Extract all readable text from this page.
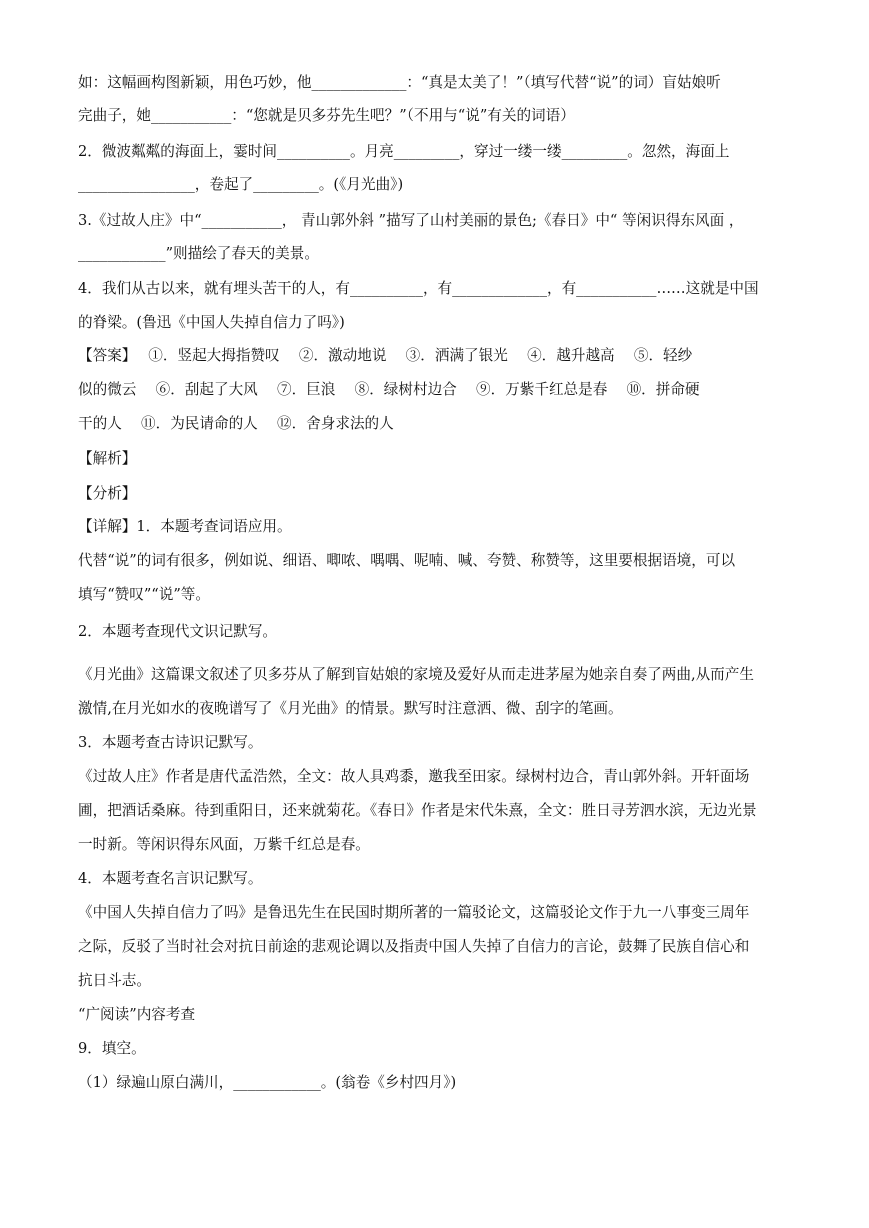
如：这幅画构图新颖，用色巧妙，他_____________：“真是太美了！”（填写代替“说”的词）盲姑娘听
完曲子，她___________：“您就是贝多芬先生吧？”（不用与“说”有关的词语）
2．微波粼粼的海面上，霎时间__________。月亮_________，穿过一缕一缕_________。忽然，海面上
________________，卷起了_________。(《月光曲》)
3.《过故人庄》中“___________， 青山郭外斜 ”描写了山村美丽的景色;《春日》中“ 等闲识得东风面 ，
____________”则描绘了春天的美景。
4．我们从古以来，就有埋头苦干的人，有__________，有_____________，有___________……这就是中国
的脊梁。(鲁迅《中国人失掉自信力了吗》)
【答案】　 ①．竖起大拇指赞叹　 ②．激动地说　 ③．洒满了银光　 ④．越升越高　 ⑤．轻纱
似的微云　 ⑥．刮起了大风　 ⑦．巨浪　 ⑧．绿树村边合　 ⑨．万紫千红总是春　 ⑩．拼命硬
干的人　 ⑪．为民请命的人　 ⑫．舍身求法的人
【解析】
【分析】
【详解】1．本题考查词语应用。
代替“说”的词有很多，例如说、细语、唧哝、喁喁、呢喃、喊、夸赞、称赞等，这里要根据语境，可以
填写“赞叹”“说”等。
2．本题考查现代文识记默写。
《月光曲》这篇课文叙述了贝多芬从了解到盲姑娘的家境及爱好从而走进茅屋为她亲自奏了两曲,从而产生
激情,在月光如水的夜晚谱写了《月光曲》的情景。默写时注意洒、微、刮字的笔画。
3．本题考查古诗识记默写。
《过故人庄》作者是唐代孟浩然，全文：故人具鸡黍，邀我至田家。绿树村边合，青山郭外斜。开轩面场
圃，把酒话桑麻。待到重阳日，还来就菊花。《春日》作者是宋代朱熹，全文：胜日寻芳泗水滨，无边光景
一时新。等闲识得东风面，万紫千红总是春。
4．本题考查名言识记默写。
《中国人失掉自信力了吗》是鲁迅先生在民国时期所著的一篇驳论文，这篇驳论文作于九一八事变三周年
之际，反驳了当时社会对抗日前途的悲观论调以及指责中国人失掉了自信力的言论，鼓舞了民族自信心和
抗日斗志。
“广阅读”内容考查
9．填空。
（1）绿遍山原白满川，____________。(翁卷《乡村四月》)
